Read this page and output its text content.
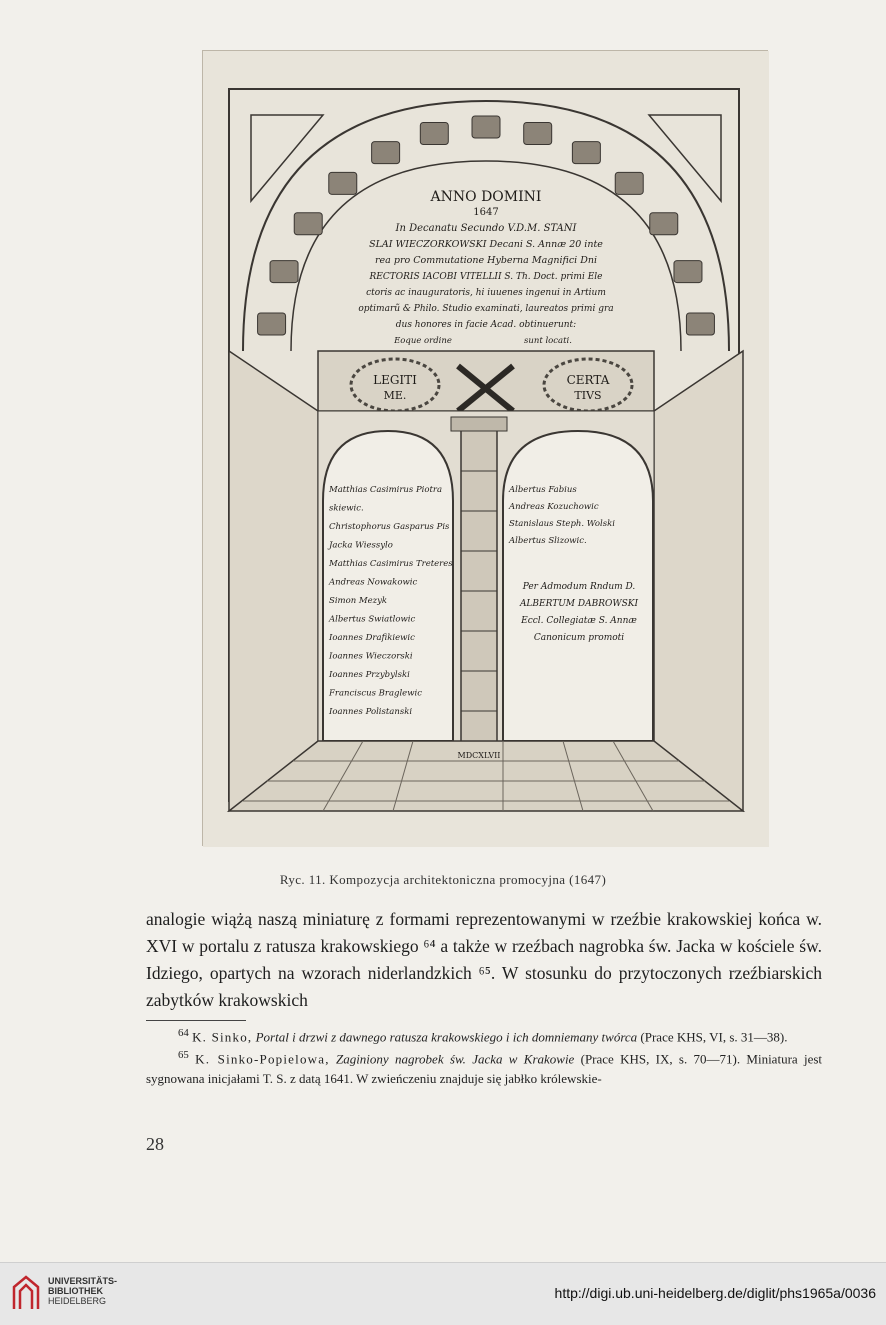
ANNO DOMINI
1647
In Decanatu Secundo V.D.M. STANI
SLAI WIECZORKOWSKI Decani S. Annæ 20 inte
rea pro Commutatione Hyberna Magnifici Dni
RECTORIS IACOBI VITELLII S. Th. Doct. primi Ele
ctoris ac inauguratoris, hi iuuenes ingenui in Artium
optimarũ & Philo. Studio examinati, laureatos primi gra
dus honores in facie Acad. obtinuerunt:
Eoque ordine	sunt locati.
LEGITI
ME.
CERTA
TIVS
Matthias Casimirus Piotra
skiewic.
Christophorus Gasparus Pis
Jacka Wiessylo
Matthias Casimirus Treteres
Andreas Nowakowic
Simon Mezyk
Albertus Swiatlowic
Ioannes Drafikiewic
Ioannes Wieczorski
Ioannes Przybylski
Franciscus Braglewic
Ioannes Polistanski
Albertus Fabius
Andreas Kozuchowic
Stanislaus Steph. Wolski
Albertus Slizowic.
Per Admodum Rndum D.
ALBERTUM DABROWSKI
Eccl. Collegiatæ S. Annæ
Canonicum promoti
MDCXLVII
Ryc. 11. Kompozycja architektoniczna promocyjna (1647)

analogie wiążą naszą miniaturę z formami reprezentowanymi w rzeźbie krakowskiej końca w. XVI w portalu z ratusza krakowskiego ⁶⁴ a także w rzeźbach nagrobka św. Jacka w kościele św. Idziego, opartych na wzorach niderlandzkich ⁶⁵. W stosunku do przytoczonych rzeźbiarskich zabytków krakowskich

$^{64}$ K. Sinko, Portal i drzwi z dawnego ratusza krakowskiego i ich domniemany twórca (Prace KHS, VI, s. 31—38).

$^{65}$ K. Sinko-Popielowa, Zaginiony nagrobek św. Jacka w Krakowie (Prace KHS, IX, s. 70—71). Miniatura jest sygnowana inicjałami T. S. z datą 1641. W zwieńczeniu znajduje się jabłko królewskie-

28
UNIVERSITÄTS-
BIBLIOTHEK
HEIDELBERG	http://digi.ub.uni-heidelberg.de/diglit/phs1965a/0036
